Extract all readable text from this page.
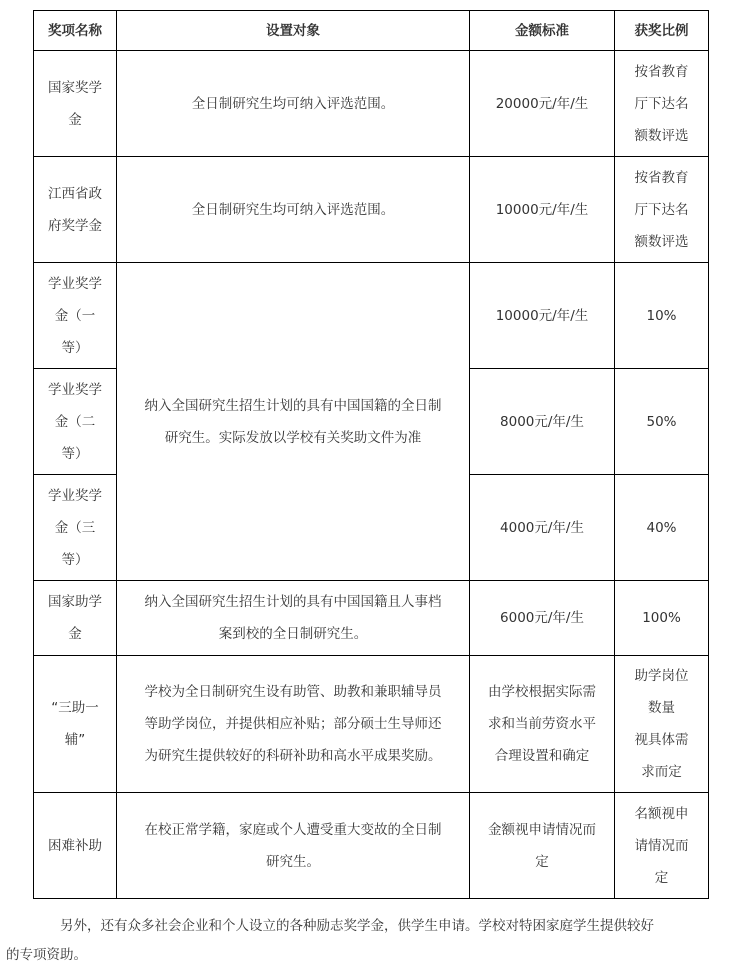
奖项名称	设置对象	金额标准	获奖比例

国家奖学
金	全日制研究生均可纳入评选范围。	20000元/年/生	按省教育
厅下达名
额数评选

江西省政
府奖学金	全日制研究生均可纳入评选范围。	10000元/年/生	按省教育
厅下达名
额数评选

学业奖学
金（一
等）	纳入全国研究生招生计划的具有中国国籍的全日制
研究生。实际发放以学校有关奖助文件为准	10000元/年/生	10%

学业奖学
金（二
等）		8000元/年/生	50%

学业奖学
金（三
等）		4000元/年/生	40%

国家助学
金	纳入全国研究生招生计划的具有中国国籍且人事档
案到校的全日制研究生。	6000元/年/生	100%

“三助一
辅”	学校为全日制研究生设有助管、助教和兼职辅导员
等助学岗位，并提供相应补贴；部分硕士生导师还
为研究生提供较好的科研补助和高水平成果奖励。	由学校根据实际需
求和当前劳资水平
合理设置和确定	助学岗位
数量
视具体需
求而定

困难补助	在校正常学籍，家庭或个人遭受重大变故的全日制
研究生。	金额视申请情况而
定	名额视申
请情况而
定
另外，还有众多社会企业和个人设立的各种励志奖学金，供学生申请。学校对特困家庭学生提供较好
的专项资助。
